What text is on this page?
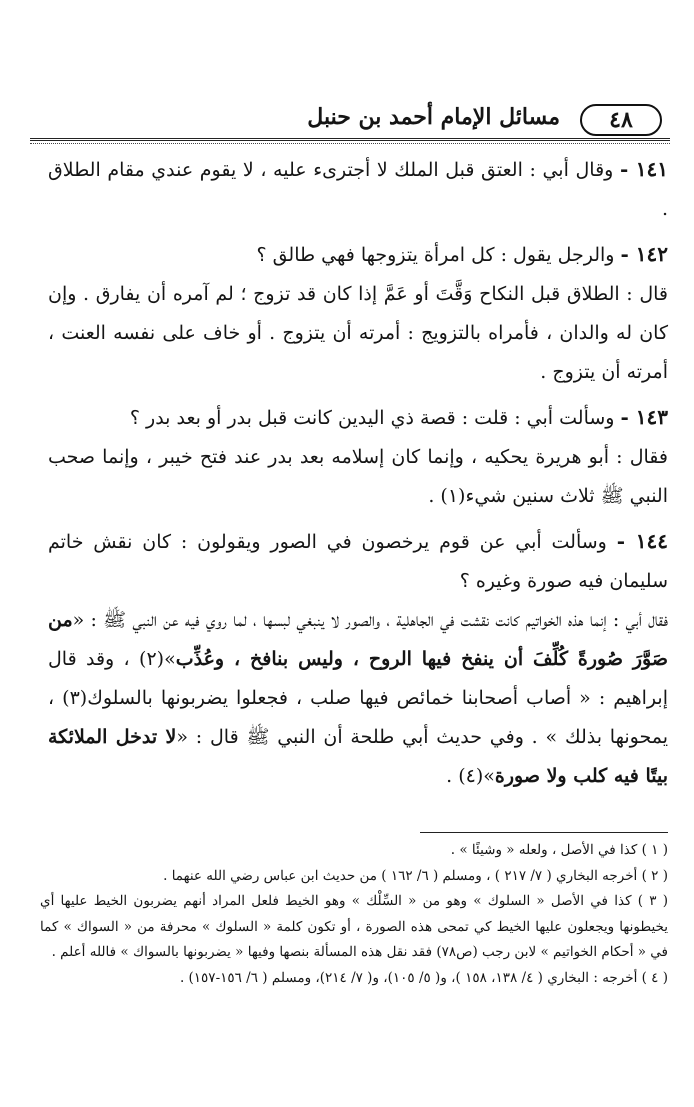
٤٨
مسائل الإمام أحمد بن حنبل

١٤١ - وقال أبي : العتق قبل الملك لا أجترىء عليه ، لا يقوم عندي مقام الطلاق .

١٤٢ - والرجل يقول : كل امرأة يتزوجها فهي طالق ؟

قال : الطلاق قبل النكاح وَقَّتَ أو عَمَّ إذا كان قد تزوج ؛ لم آمره أن يفارق . وإن كان له والدان ، فأمراه بالتزويج : أمرته أن يتزوج . أو خاف على نفسه العنت ، أمرته أن يتزوج .

١٤٣ - وسألت أبي : قلت : قصة ذي اليدين كانت قبل بدر أو بعد بدر ؟

فقال : أبو هريرة يحكيه ، وإنما كان إسلامه بعد بدر عند فتح خيبر ، وإنما صحب النبي ﷺ ثلاث سنين شيء(١) .

١٤٤ - وسألت أبي عن قوم يرخصون في الصور ويقولون : كان نقش خاتم سليمان فيه صورة وغيره ؟

فقال أبي : إنما هذه الخواتيم كانت نقشت في الجاهلية ، والصور لا ينبغي لبسها ، لما روي فيه عن النبي ﷺ : «من صَوَّرَ صُورةً كُلِّفَ أن ينفخ فيها الروح ، وليس بنافخ ، وعُذِّب»(٢) ، وقد قال إبراهيم : « أصاب أصحابنا خمائص فيها صلب ، فجعلوا يضربونها بالسلوك(٣) ، يمحونها بذلك » . وفي حديث أبي طلحة أن النبي ﷺ قال : «لا تدخل الملائكة بيتًا فيه كلب ولا صورة»(٤) .

( ١ ) كذا في الأصل ، ولعله « وشيئًا » .

( ٢ ) أخرجه البخاري ( ٧/ ٢١٧ ) ، ومسلم ( ٦/ ١٦٢ ) من حديث ابن عباس رضي الله عنهما .

( ٣ ) كذا في الأصل « السلوك » وهو من « السِّلْك » وهو الخيط فلعل المراد أنهم يضربون الخيط عليها أي يخيطونها ويجعلون عليها الخيط كي تمحى هذه الصورة ، أو تكون كلمة « السلوك » محرفة من « السواك » كما في « أحكام الخواتيم » لابن رجب (ص٧٨) فقد نقل هذه المسألة بنصها وفيها « يضربونها بالسواك » فالله أعلم .

( ٤ ) أخرجه : البخاري ( ٤/ ١٣٨، ١٥٨ )، و( ٥/ ١٠٥)، و( ٧/ ٢١٤)، ومسلم ( ٦/ ١٥٦-١٥٧) .
